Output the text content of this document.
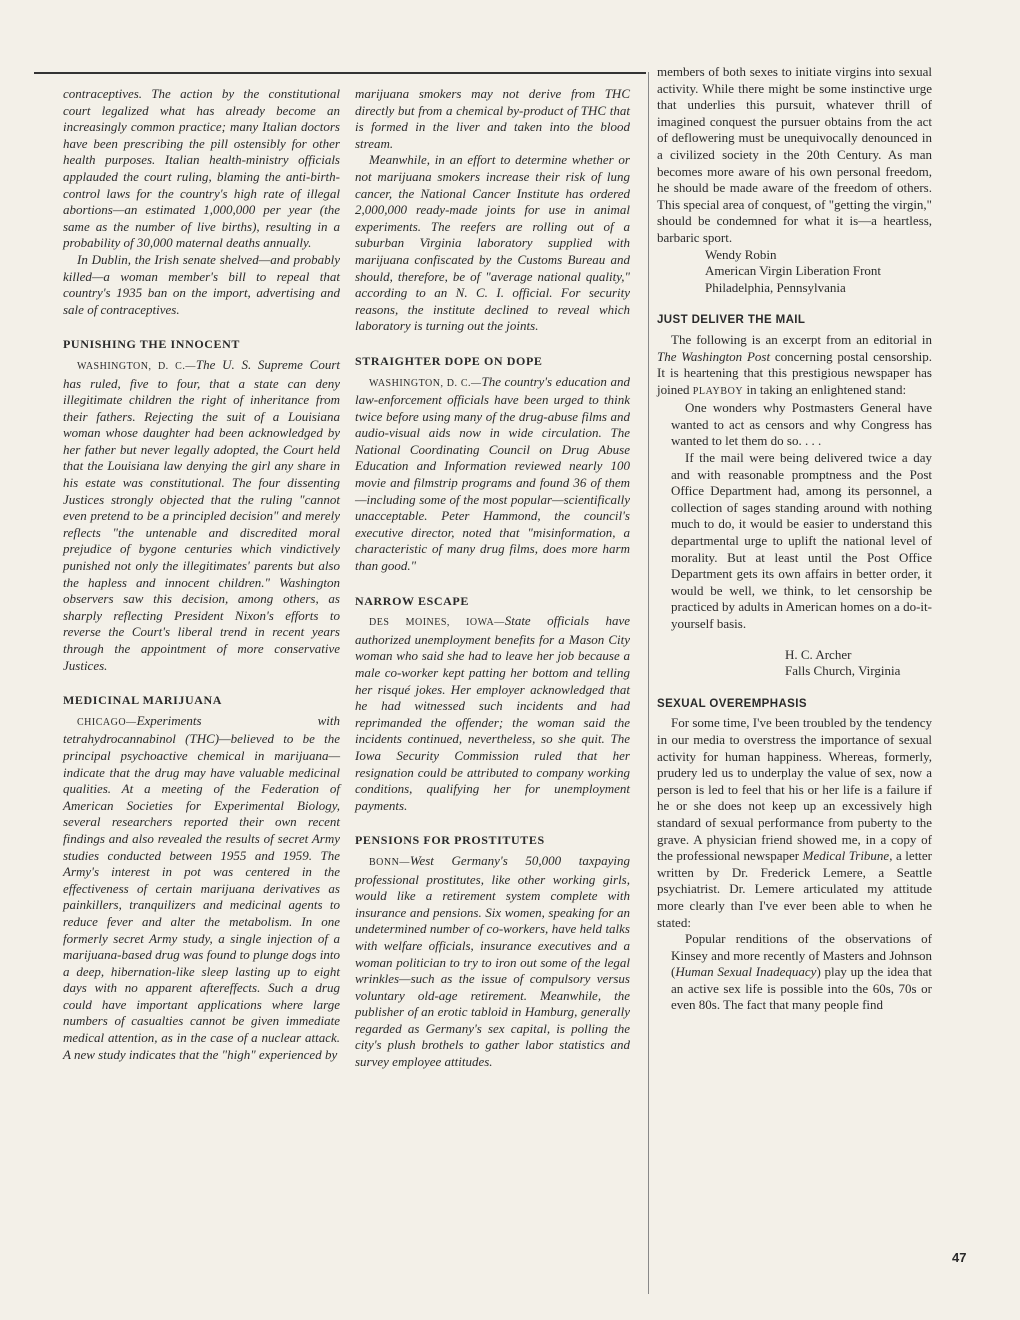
contraceptives. The action by the constitutional court legalized what has already become an increasingly common practice; many Italian doctors have been prescribing the pill ostensibly for other health purposes. Italian health-ministry officials applauded the court ruling, blaming the anti-birth-control laws for the country's high rate of illegal abortions—an estimated 1,000,000 per year (the same as the number of live births), resulting in a probability of 30,000 maternal deaths annually.

In Dublin, the Irish senate shelved—and probably killed—a woman member's bill to repeal that country's 1935 ban on the import, advertising and sale of contraceptives.

PUNISHING THE INNOCENT

WASHINGTON, D. C.—The U. S. Supreme Court has ruled, five to four, that a state can deny illegitimate children the right of inheritance from their fathers. Rejecting the suit of a Louisiana woman whose daughter had been acknowledged by her father but never legally adopted, the Court held that the Louisiana law denying the girl any share in his estate was constitutional. The four dissenting Justices strongly objected that the ruling "cannot even pretend to be a principled decision" and merely reflects "the untenable and discredited moral prejudice of bygone centuries which vindictively punished not only the illegitimates' parents but also the hapless and innocent children." Washington observers saw this decision, among others, as sharply reflecting President Nixon's efforts to reverse the Court's liberal trend in recent years through the appointment of more conservative Justices.

MEDICINAL MARIJUANA

CHICAGO—Experiments with tetrahydrocannabinol (THC)—believed to be the principal psychoactive chemical in marijuana—indicate that the drug may have valuable medicinal qualities. At a meeting of the Federation of American Societies for Experimental Biology, several researchers reported their own recent findings and also revealed the results of secret Army studies conducted between 1955 and 1959. The Army's interest in pot was centered in the effectiveness of certain marijuana derivatives as painkillers, tranquilizers and medicinal agents to reduce fever and alter the metabolism. In one formerly secret Army study, a single injection of a marijuana-based drug was found to plunge dogs into a deep, hibernation-like sleep lasting up to eight days with no apparent aftereffects. Such a drug could have important applications where large numbers of casualties cannot be given immediate medical attention, as in the case of a nuclear attack. A new study indicates that the "high" experienced by

marijuana smokers may not derive from THC directly but from a chemical by-product of THC that is formed in the liver and taken into the blood stream.

Meanwhile, in an effort to determine whether or not marijuana smokers increase their risk of lung cancer, the National Cancer Institute has ordered 2,000,000 ready-made joints for use in animal experiments. The reefers are rolling out of a suburban Virginia laboratory supplied with marijuana confiscated by the Customs Bureau and should, therefore, be of "average national quality," according to an N. C. I. official. For security reasons, the institute declined to reveal which laboratory is turning out the joints.

STRAIGHTER DOPE ON DOPE

WASHINGTON, D. C.—The country's education and law-enforcement officials have been urged to think twice before using many of the drug-abuse films and audio-visual aids now in wide circulation. The National Coordinating Council on Drug Abuse Education and Information reviewed nearly 100 movie and filmstrip programs and found 36 of them—including some of the most popular—scientifically unacceptable. Peter Hammond, the council's executive director, noted that "misinformation, a characteristic of many drug films, does more harm than good."

NARROW ESCAPE

DES MOINES, IOWA—State officials have authorized unemployment benefits for a Mason City woman who said she had to leave her job because a male co-worker kept patting her bottom and telling her risqué jokes. Her employer acknowledged that he had witnessed such incidents and had reprimanded the offender; the woman said the incidents continued, nevertheless, so she quit. The Iowa Security Commission ruled that her resignation could be attributed to company working conditions, qualifying her for unemployment payments.

PENSIONS FOR PROSTITUTES

BONN—West Germany's 50,000 taxpaying professional prostitutes, like other working girls, would like a retirement system complete with insurance and pensions. Six women, speaking for an undetermined number of co-workers, have held talks with welfare officials, insurance executives and a woman politician to try to iron out some of the legal wrinkles—such as the issue of compulsory versus voluntary old-age retirement. Meanwhile, the publisher of an erotic tabloid in Hamburg, generally regarded as Germany's sex capital, is polling the city's plush brothels to gather labor statistics and survey employee attitudes.

members of both sexes to initiate virgins into sexual activity. While there might be some instinctive urge that underlies this pursuit, whatever thrill of imagined conquest the pursuer obtains from the act of deflowering must be unequivocally denounced in a civilized society in the 20th Century. As man becomes more aware of his own personal freedom, he should be made aware of the freedom of others. This special area of conquest, of "getting the virgin," should be condemned for what it is—a heartless, barbaric sport.

Wendy Robin
American Virgin Liberation Front
Philadelphia, Pennsylvania
JUST DELIVER THE MAIL

The following is an excerpt from an editorial in The Washington Post concerning postal censorship. It is heartening that this prestigious newspaper has joined PLAYBOY in taking an enlightened stand:

One wonders why Postmasters General have wanted to act as censors and why Congress has wanted to let them do so. . . .

If the mail were being delivered twice a day and with reasonable promptness and the Post Office Department had, among its personnel, a collection of sages standing around with nothing much to do, it would be easier to understand this departmental urge to uplift the national level of morality. But at least until the Post Office Department gets its own affairs in better order, it would be well, we think, to let censorship be practiced by adults in American homes on a do-it-yourself basis.

H. C. Archer
Falls Church, Virginia
SEXUAL OVEREMPHASIS

For some time, I've been troubled by the tendency in our media to overstress the importance of sexual activity for human happiness. Whereas, formerly, prudery led us to underplay the value of sex, now a person is led to feel that his or her life is a failure if he or she does not keep up an excessively high standard of sexual performance from puberty to the grave. A physician friend showed me, in a copy of the professional newspaper Medical Tribune, a letter written by Dr. Frederick Lemere, a Seattle psychiatrist. Dr. Lemere articulated my attitude more clearly than I've ever been able to when he stated:

Popular renditions of the observations of Kinsey and more recently of Masters and Johnson (Human Sexual Inadequacy) play up the idea that an active sex life is possible into the 60s, 70s or even 80s. The fact that many people find

47
